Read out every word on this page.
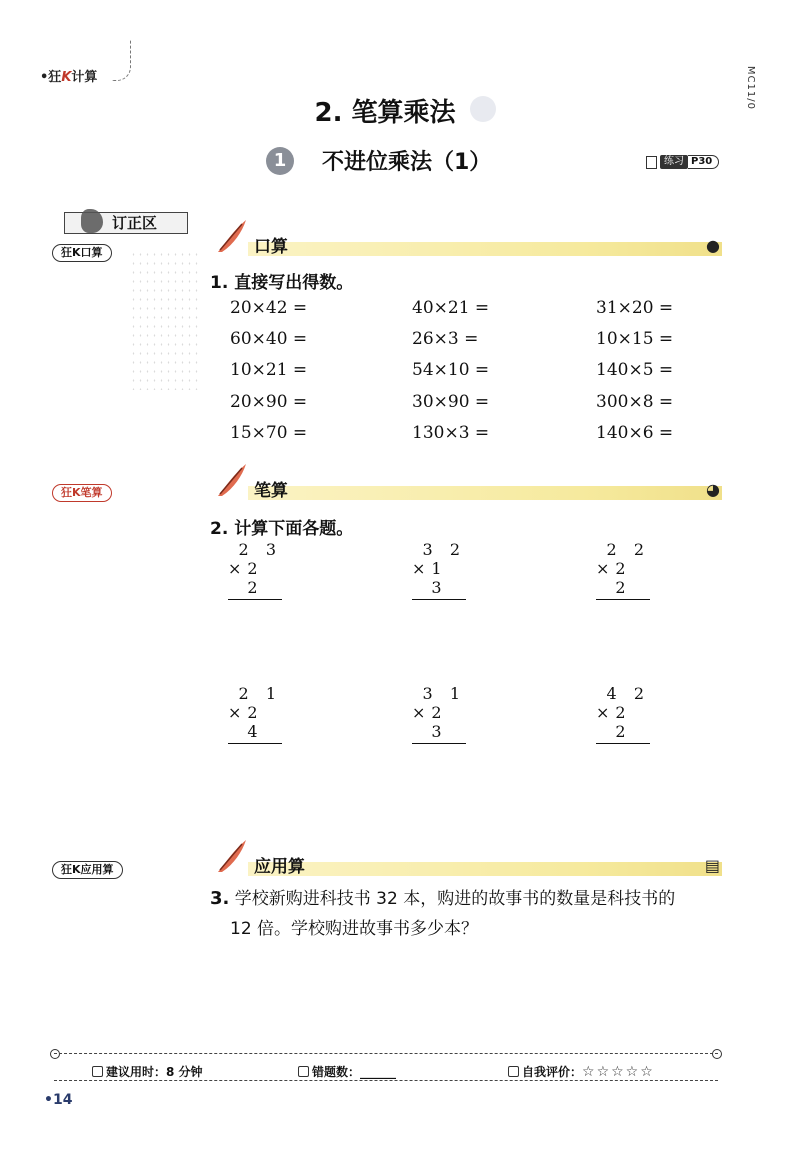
•狂K计算	MC11/0
2. 笔算乘法
1	不进位乘法（1）	练习 P30
订正区
狂K口算
狂K笔算
狂K应用算
口算	●
1. 直接写出得数。
20×42 =	40×21 =	31×20 =
60×40 =	26×3 =	10×15 =
10×21 =	54×10 =	140×5 =
20×90 =	30×90 =	300×8 =
15×70 =	130×3 =	140×6 =
笔算	◕
2. 计算下面各题。
2 3
× 2 2
3 2
× 1 3
2 2
× 2 2
2 1
× 2 4
3 1
× 2 3
4 2
× 2 2
应用算	▤
3. 学校新购进科技书 32 本，购进的故事书的数量是科技书的
12 倍。学校购进故事书多少本？
建议用时：8 分钟	错题数：______	自我评价：☆☆☆☆☆
•14
